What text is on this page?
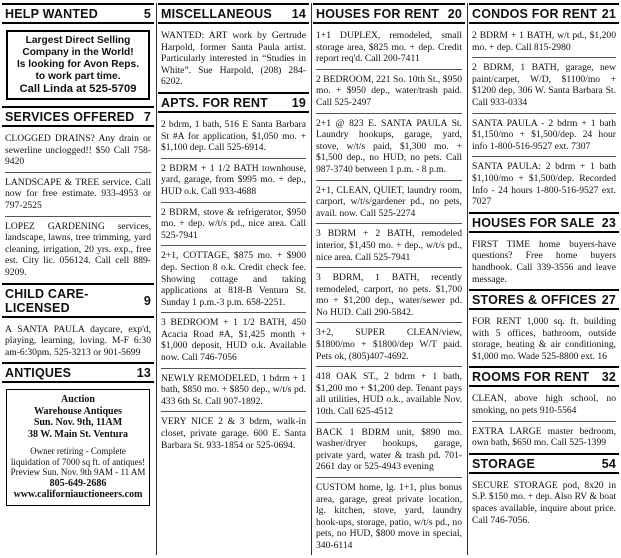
HELP WANTED	5
Largest Direct Selling
Company in the World!
Is looking for Avon Reps.
to work part time.
Call Linda at 525-5709
SERVICES OFFERED 7

CLOGGED DRAINS? Any drain or sewerline unclogged!! $50 Call 758-9420

LANDSCAPE & TREE service. Call now for free estimate. 933-4953 or 797-2525

LOPEZ GARDENING services, landscape, lawns, tree trimming, yard cleaning, irrigation, 20 yrs. exp., free est. City lic. 056124. Call cell 889-9209.

CHILD CARE-LICENSED	9

A SANTA PAULA daycare, exp'd, playing, learning, loving. M-F 6:30 am-6:30pm. 525-3213 or 901-5699

ANTIQUES	13
Auction
Warehouse Antiques
Sun. Nov. 9th, 11AM
38 W. Main St. Ventura
Owner retiring - Complete liquidation of 7000 sq ft. of antiques!
Preview Sun. Nov. 9th 9AM - 11 AM
805-649-2686
www.californiauctioneers.com
MISCELLANEOUS 14

WANTED: ART work by Gertrude Harpold, former Santa Paula artist. Particularly interested in “Studies in White”. Sue Harpold, (208) 284-6202.

APTS. FOR RENT 19

2 bdrm, 1 bath, 516 E Santa Barbara St #A for application, $1,050 mo. + $1,100 dep. Call 525-6914.

2 BDRM + 1 1/2 BATH townhouse, yard, garage, from $995 mo. + dep., HUD o.k. Call 933-4688

2 BDRM, stove & refrigerator, $950 mo. + dep. w/t/s pd., nice area. Call 525-7941

2+1, COTTAGE, $875 mo. + $900 dep. Section 8 o.k. Credit check fee. Showing cottage and taking applications at 818-B Ventura St. Sunday 1 p.m.-3 p.m. 658-2251.

3 BEDROOM + 1 1/2 BATH, 450 Acacia Road #A, $1,425 month + $1,000 deposit, HUD o.k. Available now. Call 746-7056

NEWLY REMODELED, 1 bdrm + 1 bath, $850 mo. + $850 dep., w/t/s pd. 433 6th St. Call 907-1892.

VERY NICE 2 & 3 bdrm, walk-in closet, private garage. 600 E. Santa Barbara St. 933-1854 or 525-0694.

HOUSES FOR RENT 20

1+1 DUPLEX, remodeled, small storage area, $825 mo. + dep. Credit report req'd. Call 200-7411

2 BEDROOM, 221 So. 10th St., $950 mo. + $950 dep., water/trash paid. Call 525-2497

2+1 @ 823 E. SANTA PAULA St. Laundry hookups, garage, yard, stove, w/t/s paid, $1,300 mo. + $1,500 dep., no HUD, no pets. Call 987-3740 between 1 p.m. - 8 p.m.

2+1, CLEAN, QUIET, laundry room, carport, w/t/s/gardener pd., no pets, avail. now. Call 525-2274

3 BDRM + 2 BATH, remodeled interior, $1,450 mo. + dep., w/t/s pd., nice area. Call 525-7941

3 BDRM, 1 BATH, recently remodeled, carport, no pets. $1,700 mo + $1,200 dep., water/sewer pd. No HUD. Call 290-5842.

3+2, SUPER CLEAN/view, $1800/mo + $1800/dep W/T paid. Pets ok, (805)407-4692.

418 OAK ST., 2 bdrm + 1 bath, $1,200 mo + $1,200 dep. Tenant pays all utilities, HUD o.k., available Nov. 10th. Call 625-4512

BACK 1 BDRM unit, $890 mo. washer/dryer hookups, garage, private yard, water & trash pd. 701-2661 day or 525-4943 evening

CUSTOM home, lg. 1+1, plus bonus area, garage, great private location, lg. kitchen, stove, yard, laundry hook-ups, storage, patio, w/t/s pd., no pets, no HUD, $800 move in special, 340-6114

CONDOS FOR RENT 21

2 BDRM + 1 BATH, w/t pd., $1,200 mo. + dep. Call 815-2980

2 BDRM, 1 BATH, garage, new paint/carpet, W/D, $1100/mo + $1200 dep, 306 W. Santa Barbara St. Call 933-0334

SANTA PAULA - 2 bdrm + 1 bath $1,150/mo + $1,500/dep. 24 hour info 1-800-516-9527 ext. 7307

SANTA PAULA: 2 bdrm + 1 bath $1,100/mo + $1,500/dep. Recorded Info - 24 hours 1-800-516-9527 ext. 7027

HOUSES FOR SALE 23

FIRST TIME home buyers-have questions? Free home buyers handbook. Call 339-3556 and leave message.

STORES & OFFICES 27

FOR RENT 1,000 sq. ft. building with 5 offices, bathroom, outside storage, heating & air conditioning, $1,000 mo. Wade 525-8800 ext. 16

ROOMS FOR RENT 32

CLEAN, above high school, no smoking, no pets 910-5564

EXTRA LARGE master bedroom, own bath, $650 mo. Call 525-1399

STORAGE	54

SECURE STORAGE pod, 8x20 in S.P. $150 mo. + dep. Also RV & boat spaces available, inquire about price. Call 746-7056.
